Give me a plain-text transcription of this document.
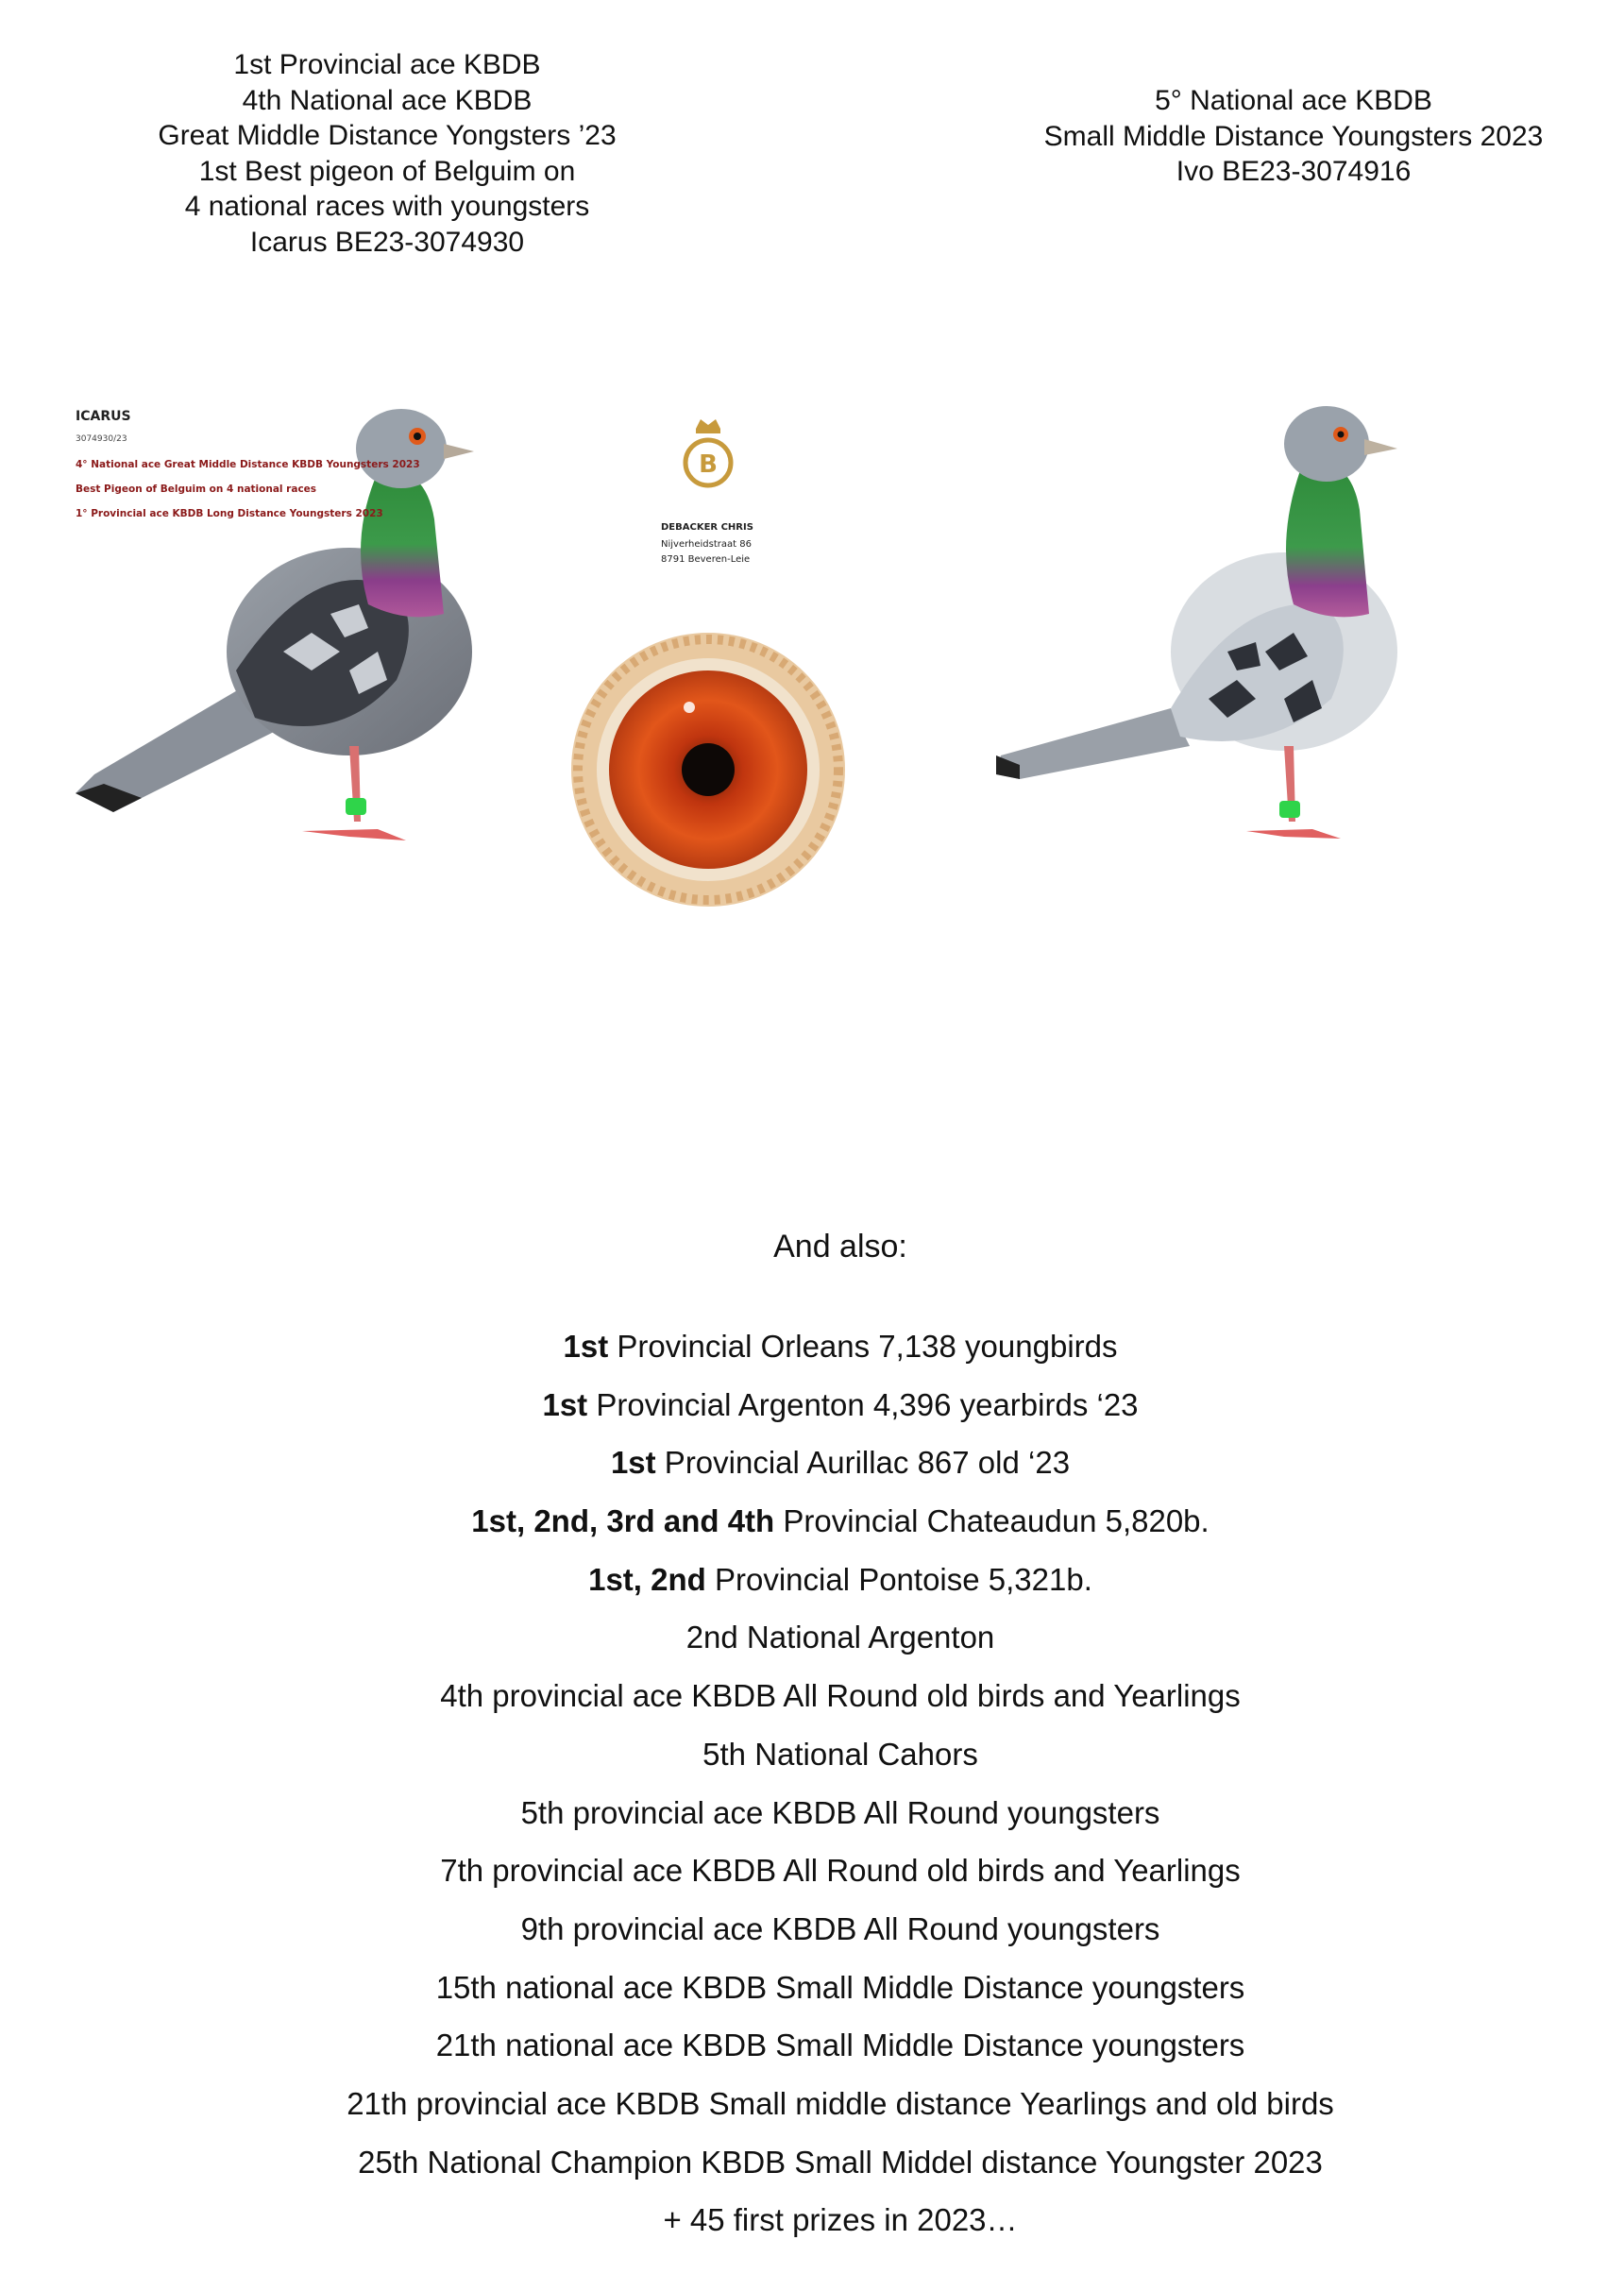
1st Provincial ace KBDB
4th National ace KBDB
Great Middle Distance Yongsters ’23
1st Best pigeon of Belguim on
4 national races with youngsters
Icarus BE23-3074930
5° National ace KBDB
Small Middle Distance Youngsters 2023
Ivo BE23-3074916
ICARUS
3074930/23
4° National ace Great Middle Distance KBDB Youngsters 2023
Best Pigeon of Belguim on 4 national races
1° Provincial ace KBDB Long Distance Youngsters 2023
B
DEBACKER CHRIS
Nijverheidstraat 86
8791 Beveren-Leie
And also:
1st Provincial Orleans 7,138 youngbirds
1st Provincial Argenton 4,396 yearbirds ‘23
1st Provincial Aurillac 867 old ‘23
1st, 2nd, 3rd and 4th Provincial Chateaudun 5,820b.
1st, 2nd Provincial Pontoise 5,321b.
2nd National Argenton
4th provincial ace KBDB All Round old birds and Yearlings
5th National Cahors
5th provincial ace KBDB All Round youngsters
7th provincial ace KBDB All Round old birds and Yearlings
9th provincial ace KBDB All Round youngsters
15th national ace KBDB Small Middle Distance youngsters
21th national ace KBDB Small Middle Distance youngsters
21th provincial ace KBDB Small middle distance Yearlings and old birds
25th National Champion KBDB Small Middel distance Youngster 2023
+ 45 first prizes in 2023…
